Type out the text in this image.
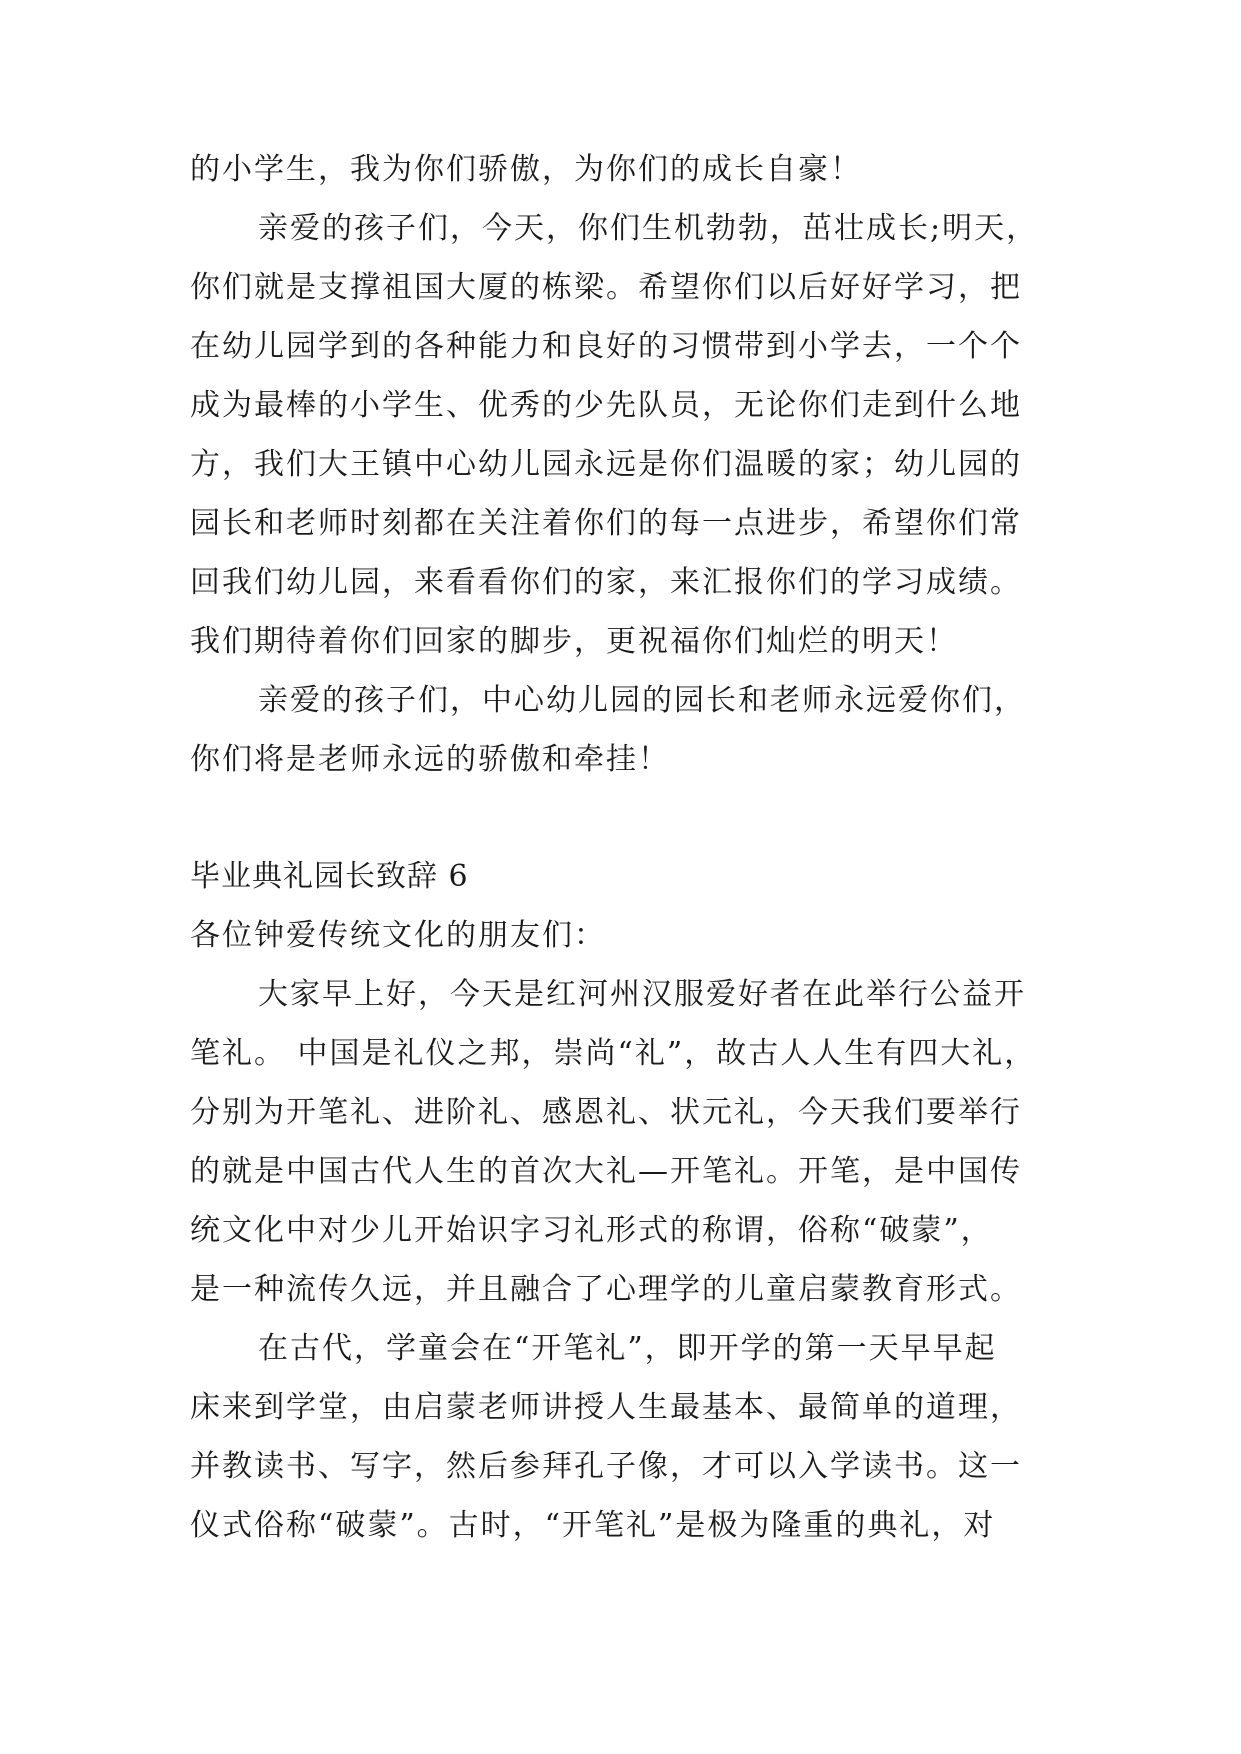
的小学生，我为你们骄傲，为你们的成长自豪！
亲爱的孩子们，今天，你们生机勃勃，茁壮成长;明天，
你们就是支撑祖国大厦的栋梁。希望你们以后好好学习，把
在幼儿园学到的各种能力和良好的习惯带到小学去，一个个
成为最棒的小学生、优秀的少先队员，无论你们走到什么地
方，我们大王镇中心幼儿园永远是你们温暖的家；幼儿园的
园长和老师时刻都在关注着你们的每一点进步，希望你们常
回我们幼儿园，来看看你们的家，来汇报你们的学习成绩。
我们期待着你们回家的脚步，更祝福你们灿烂的明天！
亲爱的孩子们，中心幼儿园的园长和老师永远爱你们，
你们将是老师永远的骄傲和牵挂！
毕业典礼园长致辞 6
各位钟爱传统文化的朋友们：
大家早上好，今天是红河州汉服爱好者在此举行公益开
笔礼。 中国是礼仪之邦，崇尚“礼”，故古人人生有四大礼，
分别为开笔礼、进阶礼、感恩礼、状元礼，今天我们要举行
的就是中国古代人生的首次大礼—开笔礼。开笔，是中国传
统文化中对少儿开始识字习礼形式的称谓，俗称“破蒙”，
是一种流传久远，并且融合了心理学的儿童启蒙教育形式。
在古代，学童会在“开笔礼”，即开学的第一天早早起
床来到学堂，由启蒙老师讲授人生最基本、最简单的道理，
并教读书、写字，然后参拜孔子像，才可以入学读书。这一
仪式俗称“破蒙”。古时，“开笔礼”是极为隆重的典礼，对
